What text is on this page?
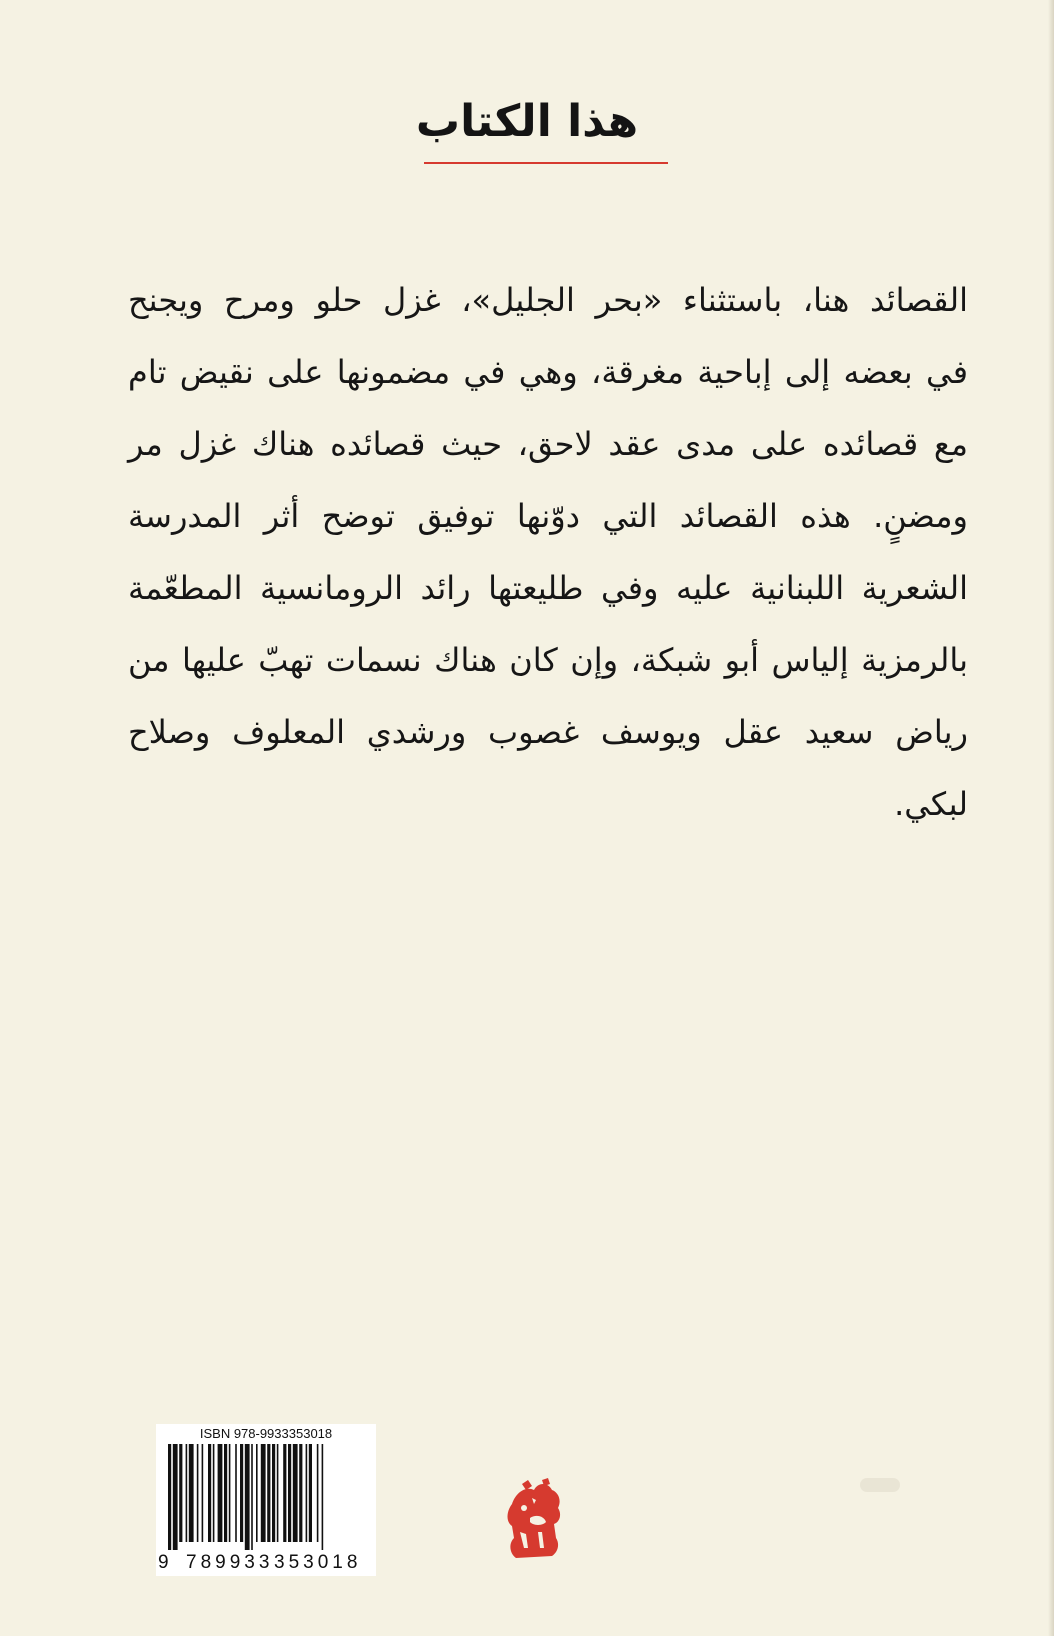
هذا الكتاب

القصائد هنا، باستثناء «بحر الجليل»، غزل حلو ومرح ويجنح
في بعضه إلى إباحية مغرقة، وهي في مضمونها على نقيض تام
مع قصائده على مدى عقد لاحق، حيث قصائده هناك غزل مر
ومضنٍ. هذه القصائد التي دوّنها توفيق توضح أثر المدرسة
الشعرية اللبنانية عليه وفي طليعتها رائد الرومانسية المطعّمة
بالرمزية إلياس أبو شبكة، وإن كان هناك نسمات تهبّ عليها من
رياض سعيد عقل ويوسف غصوب ورشدي المعلوف وصلاح
لبكي.

ISBN 978-9933353018
9 789933 353018
